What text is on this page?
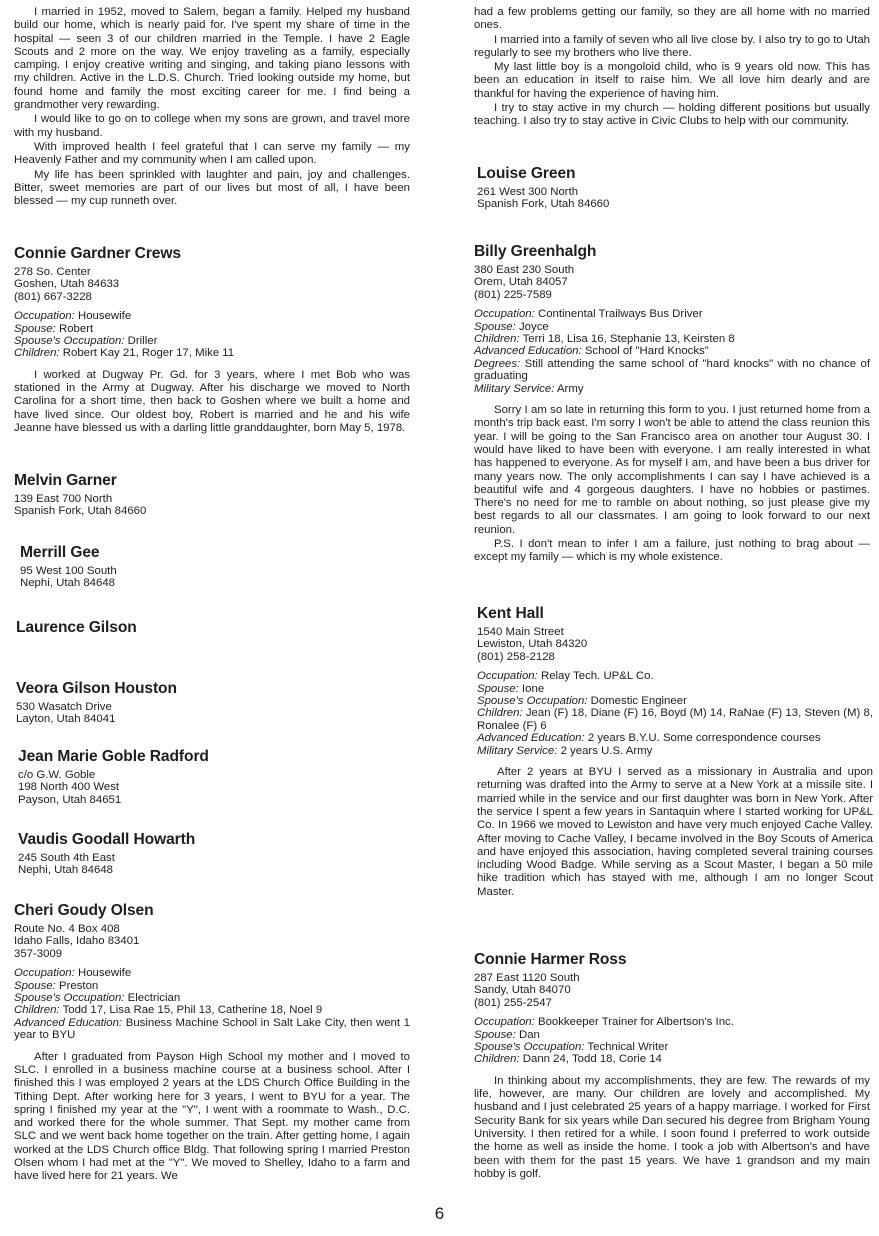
I married in 1952, moved to Salem, began a family. Helped my husband build our home, which is nearly paid for. I've spent my share of time in the hospital — seen 3 of our children married in the Temple. I have 2 Eagle Scouts and 2 more on the way. We enjoy traveling as a family, especially camping. I enjoy creative writing and singing, and taking piano lessons with my children. Active in the L.D.S. Church. Tried looking outside my home, but found home and family the most exciting career for me. I find being a grandmother very rewarding.

I would like to go on to college when my sons are grown, and travel more with my husband.

With improved health I feel grateful that I can serve my family — my Heavenly Father and my community when I am called upon.

My life has been sprinkled with laughter and pain, joy and challenges. Bitter, sweet memories are part of our lives but most of all, I have been blessed — my cup runneth over.

Connie Gardner Crews

278 So. Center

Goshen, Utah 84633

(801) 667-3228

Occupation: Housewife

Spouse: Robert

Spouse's Occupation: Driller

Children: Robert Kay 21, Roger 17, Mike 11

I worked at Dugway Pr. Gd. for 3 years, where I met Bob who was stationed in the Army at Dugway. After his discharge we moved to North Carolina for a short time, then back to Goshen where we built a home and have lived since. Our oldest boy, Robert is married and he and his wife Jeanne have blessed us with a darling little granddaughter, born May 5, 1978.

Melvin Garner

139 East 700 North

Spanish Fork, Utah 84660

Merrill Gee

95 West 100 South

Nephi, Utah 84648

Laurence Gilson
Veora Gilson Houston

530 Wasatch Drive

Layton, Utah 84041

Jean Marie Goble Radford

c/o G.W. Goble

198 North 400 West

Payson, Utah 84651

Vaudis Goodall Howarth

245 South 4th East

Nephi, Utah 84648

Cheri Goudy Olsen

Route No. 4 Box 408

Idaho Falls, Idaho 83401

357-3009

Occupation: Housewife

Spouse: Preston

Spouse's Occupation: Electrician

Children: Todd 17, Lisa Rae 15, Phil 13, Catherine 18, Noel 9

Advanced Education: Business Machine School in Salt Lake City, then went 1 year to BYU

After I graduated from Payson High School my mother and I moved to SLC. I enrolled in a business machine course at a business school. After I finished this I was employed 2 years at the LDS Church Office Building in the Tithing Dept. After working here for 3 years, I went to BYU for a year. The spring I finished my year at the "Y", I went with a roommate to Wash., D.C. and worked there for the whole summer. That Sept. my mother came from SLC and we went back home together on the train. After getting home, I again worked at the LDS Church office Bldg. That following spring I married Preston Olsen whom I had met at the "Y". We moved to Shelley, Idaho to a farm and have lived here for 21 years. We

had a few problems getting our family, so they are all home with no married ones.

I married into a family of seven who all live close by. I also try to go to Utah regularly to see my brothers who live there.

My last little boy is a mongoloid child, who is 9 years old now. This has been an education in itself to raise him. We all love him dearly and are thankful for having the experience of having him.

I try to stay active in my church — holding different positions but usually teaching. I also try to stay active in Civic Clubs to help with our community.

Louise Green

261 West 300 North

Spanish Fork, Utah 84660

Billy Greenhalgh

380 East 230 South

Orem, Utah 84057

(801) 225-7589

Occupation: Continental Trailways Bus Driver

Spouse: Joyce

Children: Terri 18, Lisa 16, Stephanie 13, Keirsten 8

Advanced Education: School of "Hard Knocks"

Degrees: Still attending the same school of "hard knocks" with no chance of graduating

Military Service: Army

Sorry I am so late in returning this form to you. I just returned home from a month's trip back east. I'm sorry I won't be able to attend the class reunion this year. I will be going to the San Francisco area on another tour August 30. I would have liked to have been with everyone. I am really interested in what has happened to everyone. As for myself I am, and have been a bus driver for many years now. The only accomplishments I can say I have achieved is a beautiful wife and 4 gorgeous daughters. I have no hobbies or pastimes. There's no need for me to ramble on about nothing, so just please give my best regards to all our classmates. I am going to look forward to our next reunion.

P.S. I don't mean to infer I am a failure, just nothing to brag about — except my family — which is my whole existence.

Kent Hall

1540 Main Street

Lewiston, Utah 84320

(801) 258-2128

Occupation: Relay Tech. UP&L Co.

Spouse: Ione

Spouse's Occupation: Domestic Engineer

Children: Jean (F) 18, Diane (F) 16, Boyd (M) 14, RaNae (F) 13, Steven (M) 8, Ronalee (F) 6

Advanced Education: 2 years B.Y.U. Some correspondence courses

Military Service: 2 years U.S. Army

After 2 years at BYU I served as a missionary in Australia and upon returning was drafted into the Army to serve at a New York at a missile site. I married while in the service and our first daughter was born in New York. After the service I spent a few years in Santaquin where I started working for UP&L Co. In 1966 we moved to Lewiston and have very much enjoyed Cache Valley. After moving to Cache Valley, I became involved in the Boy Scouts of America and have enjoyed this association, having completed several training courses including Wood Badge. While serving as a Scout Master, I began a 50 mile hike tradition which has stayed with me, although I am no longer Scout Master.

Connie Harmer Ross

287 East 1120 South

Sandy, Utah 84070

(801) 255-2547

Occupation: Bookkeeper Trainer for Albertson's Inc.

Spouse: Dan

Spouse's Occupation: Technical Writer

Children: Dann 24, Todd 18, Corie 14

In thinking about my accomplishments, they are few. The rewards of my life, however, are many. Our children are lovely and accomplished. My husband and I just celebrated 25 years of a happy marriage. I worked for First Security Bank for six years while Dan secured his degree from Brigham Young University. I then retired for a while. I soon found I preferred to work outside the home as well as inside the home. I took a job with Albertson's and have been with them for the past 15 years. We have 1 grandson and my main hobby is golf.

6
